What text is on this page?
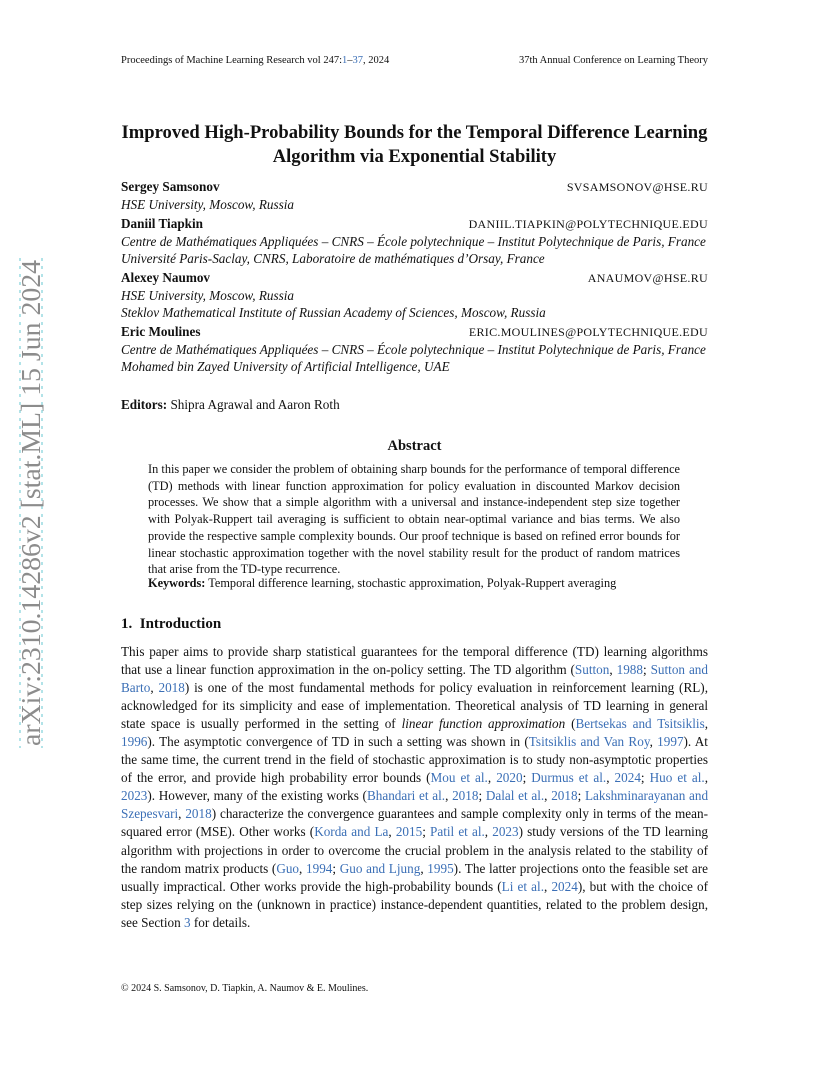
arXiv:2310.14286v2 [stat.ML] 15 Jun 2024
Proceedings of Machine Learning Research vol 247:1–37, 2024	37th Annual Conference on Learning Theory
Improved High-Probability Bounds for the Temporal Difference Learning Algorithm via Exponential Stability
Sergey Samsonov	SVSAMSONOV@HSE.RU
HSE University, Moscow, Russia
Daniil Tiapkin	DANIIL.TIAPKIN@POLYTECHNIQUE.EDU
Centre de Mathématiques Appliquées – CNRS – École polytechnique – Institut Polytechnique de Paris, France
Université Paris-Saclay, CNRS, Laboratoire de mathématiques d’Orsay, France
Alexey Naumov	ANAUMOV@HSE.RU
HSE University, Moscow, Russia
Steklov Mathematical Institute of Russian Academy of Sciences, Moscow, Russia
Eric Moulines	ERIC.MOULINES@POLYTECHNIQUE.EDU
Centre de Mathématiques Appliquées – CNRS – École polytechnique – Institut Polytechnique de Paris, France
Mohamed bin Zayed University of Artificial Intelligence, UAE
Editors: Shipra Agrawal and Aaron Roth
Abstract
In this paper we consider the problem of obtaining sharp bounds for the performance of temporal difference (TD) methods with linear function approximation for policy evaluation in discounted Markov decision processes. We show that a simple algorithm with a universal and instance-independent step size together with Polyak-Ruppert tail averaging is sufficient to obtain near-optimal variance and bias terms. We also provide the respective sample complexity bounds. Our proof technique is based on refined error bounds for linear stochastic approximation together with the novel stability result for the product of random matrices that arise from the TD-type recurrence.
Keywords: Temporal difference learning, stochastic approximation, Polyak-Ruppert averaging
1. Introduction
This paper aims to provide sharp statistical guarantees for the temporal difference (TD) learning algorithms that use a linear function approximation in the on-policy setting. The TD algorithm (Sutton, 1988; Sutton and Barto, 2018) is one of the most fundamental methods for policy evaluation in reinforcement learning (RL), acknowledged for its simplicity and ease of implementation. Theoretical analysis of TD learning in general state space is usually performed in the setting of linear function approximation (Bertsekas and Tsitsiklis, 1996). The asymptotic convergence of TD in such a setting was shown in (Tsitsiklis and Van Roy, 1997). At the same time, the current trend in the field of stochastic approximation is to study non-asymptotic properties of the error, and provide high probability error bounds (Mou et al., 2020; Durmus et al., 2024; Huo et al., 2023). However, many of the existing works (Bhandari et al., 2018; Dalal et al., 2018; Lakshminarayanan and Szepesvari, 2018) characterize the convergence guarantees and sample complexity only in terms of the mean-squared error (MSE). Other works (Korda and La, 2015; Patil et al., 2023) study versions of the TD learning algorithm with projections in order to overcome the crucial problem in the analysis related to the stability of the random matrix products (Guo, 1994; Guo and Ljung, 1995). The latter projections onto the feasible set are usually impractical. Other works provide the high-probability bounds (Li et al., 2024), but with the choice of step sizes relying on the (unknown in practice) instance-dependent quantities, related to the problem design, see Section 3 for details.
© 2024 S. Samsonov, D. Tiapkin, A. Naumov & E. Moulines.
